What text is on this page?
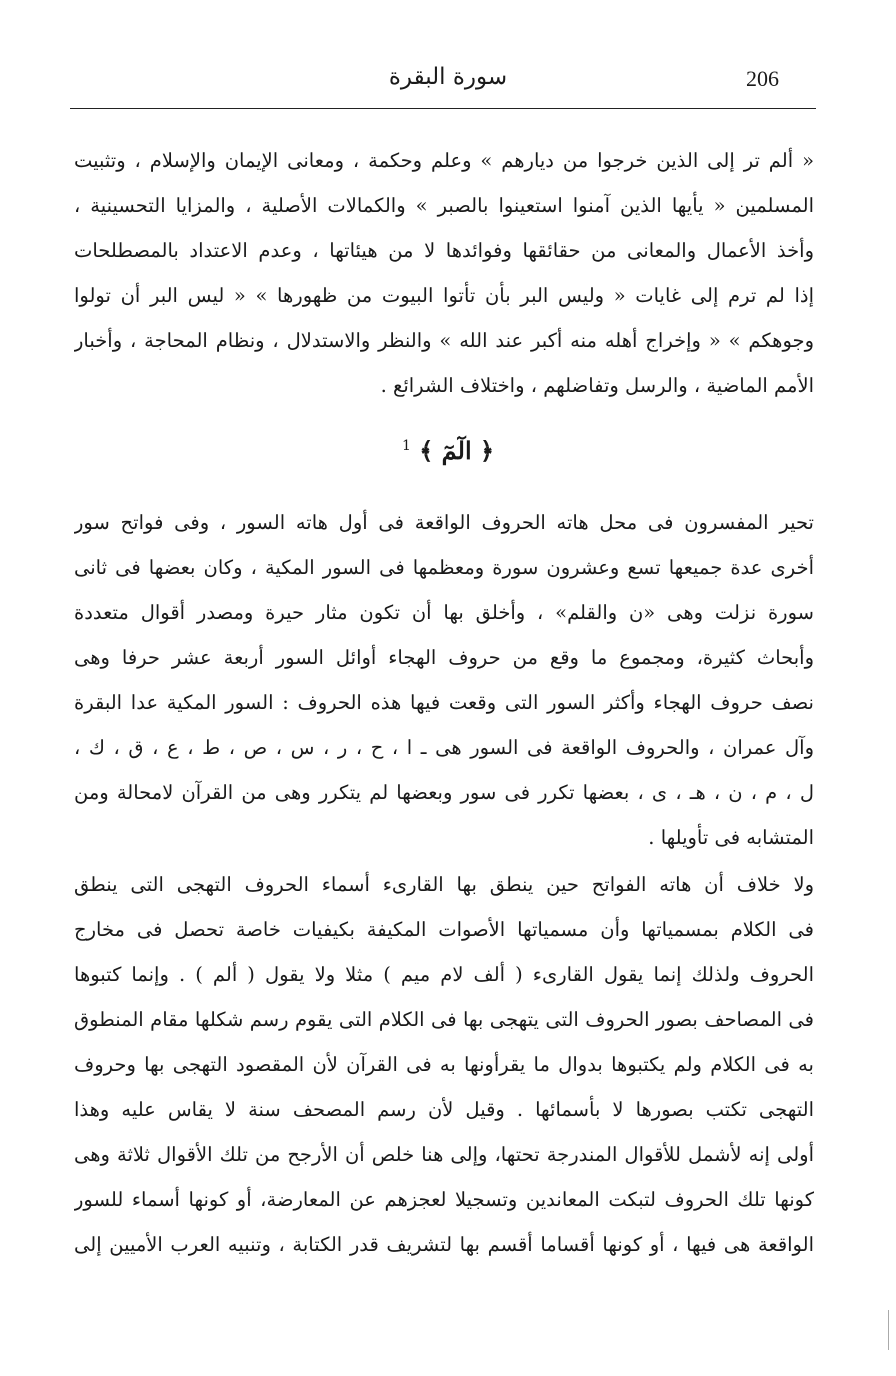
206
سورة البقرة
« ألم تر إلى الذين خرجوا من ديارهم » وعلم وحكمة ، ومعانى الإيمان والإسلام ، وتثبيت
المسلمين « يأيها الذين آمنوا استعينوا بالصبر » والكمالات الأصلية ، والمزايا التحسينية ،
وأخذ الأعمال والمعانى من حقائقها وفوائدها لا من هيئاتها ، وعدم الاعتداد بالمصطلحات
إذا لم ترم إلى غايات « وليس البر بأن تأتوا البيوت من ظهورها » « ليس البر أن تولوا
وجوهكم » « وإخراج أهله منه أكبر عند الله » والنظر والاستدلال ، ونظام المحاجة ، وأخبار
الأمم الماضية ، والرسل وتفاضلهم ، واختلاف الشرائع .
﴿ الٓمٓ ﴾ $^1$
تحير المفسرون فى محل هاته الحروف الواقعة فى أول هاته السور ، وفى فواتح سور
أخرى عدة جميعها تسع وعشرون سورة ومعظمها فى السور المكية ، وكان بعضها فى ثانى
سورة نزلت وهى «ن والقلم» ، وأخلق بها أن تكون مثار حيرة ومصدر أقوال متعددة
وأبحاث كثيرة، ومجموع ما وقع من حروف الهجاء أوائل السور أربعة عشر حرفا وهى
نصف حروف الهجاء وأكثر السور التى وقعت فيها هذه الحروف : السور المكية عدا البقرة
وآل عمران ، والحروف الواقعة فى السور هى ـ ا ، ح ، ر ، س ، ص ، ط ، ع ، ق ، ك ،
ل ، م ، ن ، هـ ، ى ، بعضها تكرر فى سور وبعضها لم يتكرر وهى من القرآن لامحالة ومن
المتشابه فى تأويلها .
ولا خلاف أن هاته الفواتح حين ينطق بها القارىء أسماء الحروف التهجى التى ينطق
فى الكلام بمسمياتها وأن مسمياتها الأصوات المكيفة بكيفيات خاصة تحصل فى مخارج
الحروف ولذلك إنما يقول القارىء ( ألف لام ميم ) مثلا ولا يقول ( ألم ) . وإنما كتبوها
فى المصاحف بصور الحروف التى يتهجى بها فى الكلام التى يقوم رسم شكلها مقام المنطوق
به فى الكلام ولم يكتبوها بدوال ما يقرأونها به فى القرآن لأن المقصود التهجى بها وحروف
التهجى تكتب بصورها لا بأسمائها . وقيل لأن رسم المصحف سنة لا يقاس عليه وهذا
أولى إنه لأشمل للأقوال المندرجة تحتها، وإلى هنا خلص أن الأرجح من تلك الأقوال ثلاثة وهى
كونها تلك الحروف لتبكت المعاندين وتسجيلا لعجزهم عن المعارضة، أو كونها أسماء للسور
الواقعة هى فيها ، أو كونها أقساما أقسم بها لتشريف قدر الكتابة ، وتنبيه العرب الأميين إلى
